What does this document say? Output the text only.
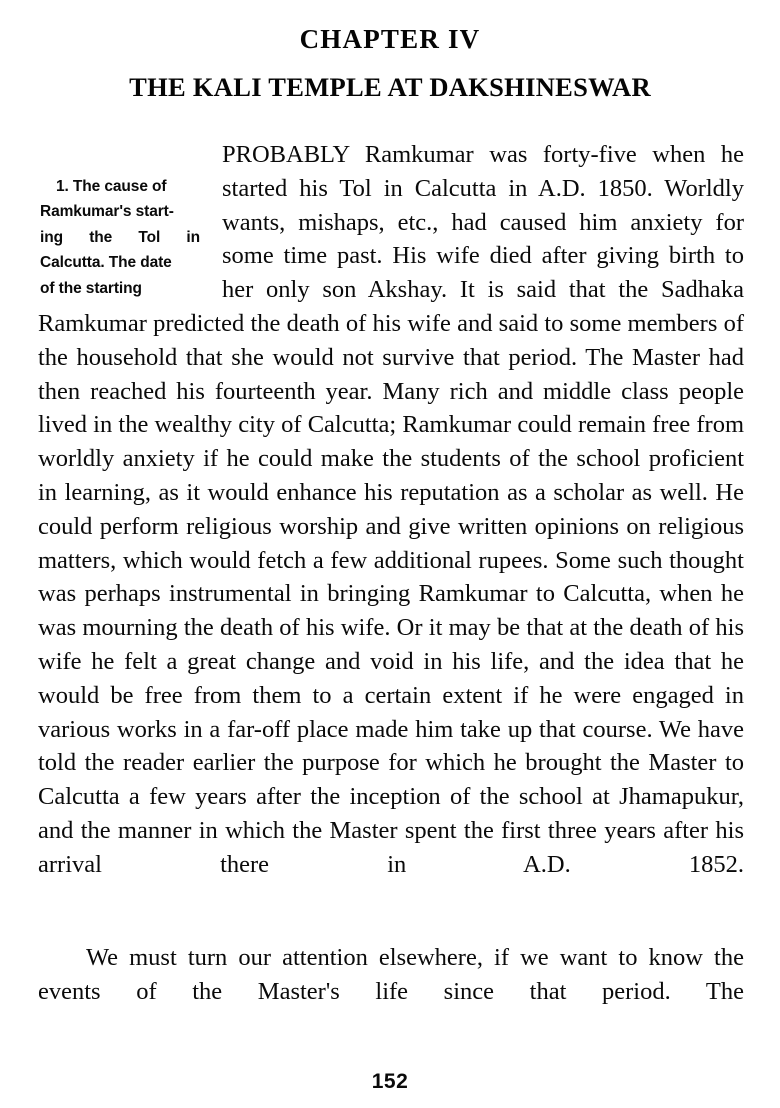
CHAPTER IV
THE KALI TEMPLE AT DAKSHINESWAR

1. The cause of
Ramkumar's start-
ing the Tol in
Calcutta. The date
of the starting
PROBABLY Ramkumar was forty-five when he started his Tol in Calcutta in A.D. 1850. Worldly wants, mishaps, etc., had caused him anxiety for some time past. His wife died after giving birth to her only son Akshay. It is said that the Sadhaka Ramkumar predicted the death of his wife and said to some members of the household that she would not survive that period. The Master had then reached his fourteenth year. Many rich and middle class people lived in the wealthy city of Calcutta; Ramkumar could remain free from worldly anxiety if he could make the students of the school proficient in learning, as it would enhance his reputation as a scholar as well. He could perform religious worship and give written opinions on religious matters, which would fetch a few additional rupees. Some such thought was perhaps instrumental in bringing Ramkumar to Calcutta, when he was mourning the death of his wife. Or it may be that at the death of his wife he felt a great change and void in his life, and the idea that he would be free from them to a certain extent if he were engaged in various works in a far-off place made him take up that course. We have told the reader earlier the purpose for which he brought the Master to Calcutta a few years after the inception of the school at Jhamapukur, and the manner in which the Master spent the first three years after his arrival there in A.D. 1852.

We must turn our attention elsewhere, if we want to know the events of the Master's life since that period. The

152
